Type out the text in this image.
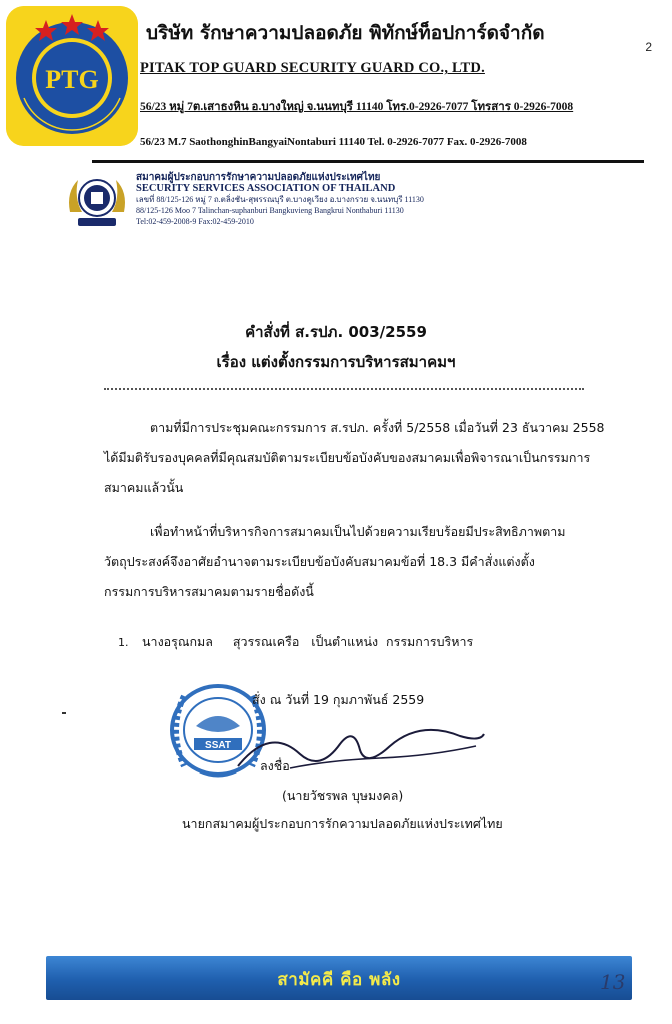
2
PTG
บริษัท รักษาความปลอดภัย พิทักษ์ท็อปการ์ดจำกัด
PITAK TOP GUARD SECURITY GUARD CO., LTD.
56/23 หมู่ 7ต.เสาธงหิน อ.บางใหญ่ จ.นนทบุรี 11140 โทร.0-2926-7077 โทรสาร 0-2926-7008
56/23 M.7 SaothonghinBangyaiNontaburi 11140 Tel. 0-2926-7077 Fax. 0-2926-7008
สมาคมผู้ประกอบการรักษาความปลอดภัยแห่งประเทศไทย
SECURITY SERVICES ASSOCIATION OF THAILAND
เลขที่ 88/125-126 หมู่ 7 ถ.ตลิ่งชัน-สุพรรณบุรี ต.บางคูเวียง อ.บางกรวย จ.นนทบุรี 11130
88/125-126 Moo 7 Talinchan-suphanburi Bangkuvieng Bangkrui Nonthaburi 11130
Tel:02-459-2008-9 Fax:02-459-2010
คำสั่งที่ ส.รปภ. 003/2559
เรื่อง แต่งตั้งกรรมการบริหารสมาคมฯ
ตามที่มีการประชุมคณะกรรมการ ส.รปภ. ครั้งที่ 5/2558 เมื่อวันที่ 23 ธันวาคม 2558
ได้มีมติรับรองบุคคลที่มีคุณสมบัติตามระเบียบข้อบังคับของสมาคมเพื่อพิจารณาเป็นกรรมการ
สมาคมแล้วนั้น
เพื่อทำหน้าที่บริหารกิจการสมาคมเป็นไปด้วยความเรียบร้อยมีประสิทธิภาพตาม
วัตถุประสงค์จึงอาศัยอำนาจตามระเบียบข้อบังคับสมาคมข้อที่ 18.3 มีคำสั่งแต่งตั้ง
กรรมการบริหารสมาคมตามรายชื่อดังนี้
1. นางอรุณกมล     สุวรรณเครือ   เป็นตำแหน่ง  กรรมการบริหาร
SSAT
สั่ง ณ วันที่ 19 กุมภาพันธ์ 2559
ลงชื่อ
(นายวัชรพล บุษมงคล)
นายกสมาคมผู้ประกอบการรักความปลอดภัยแห่งประเทศไทย
สามัคคี คือ พลัง	13
